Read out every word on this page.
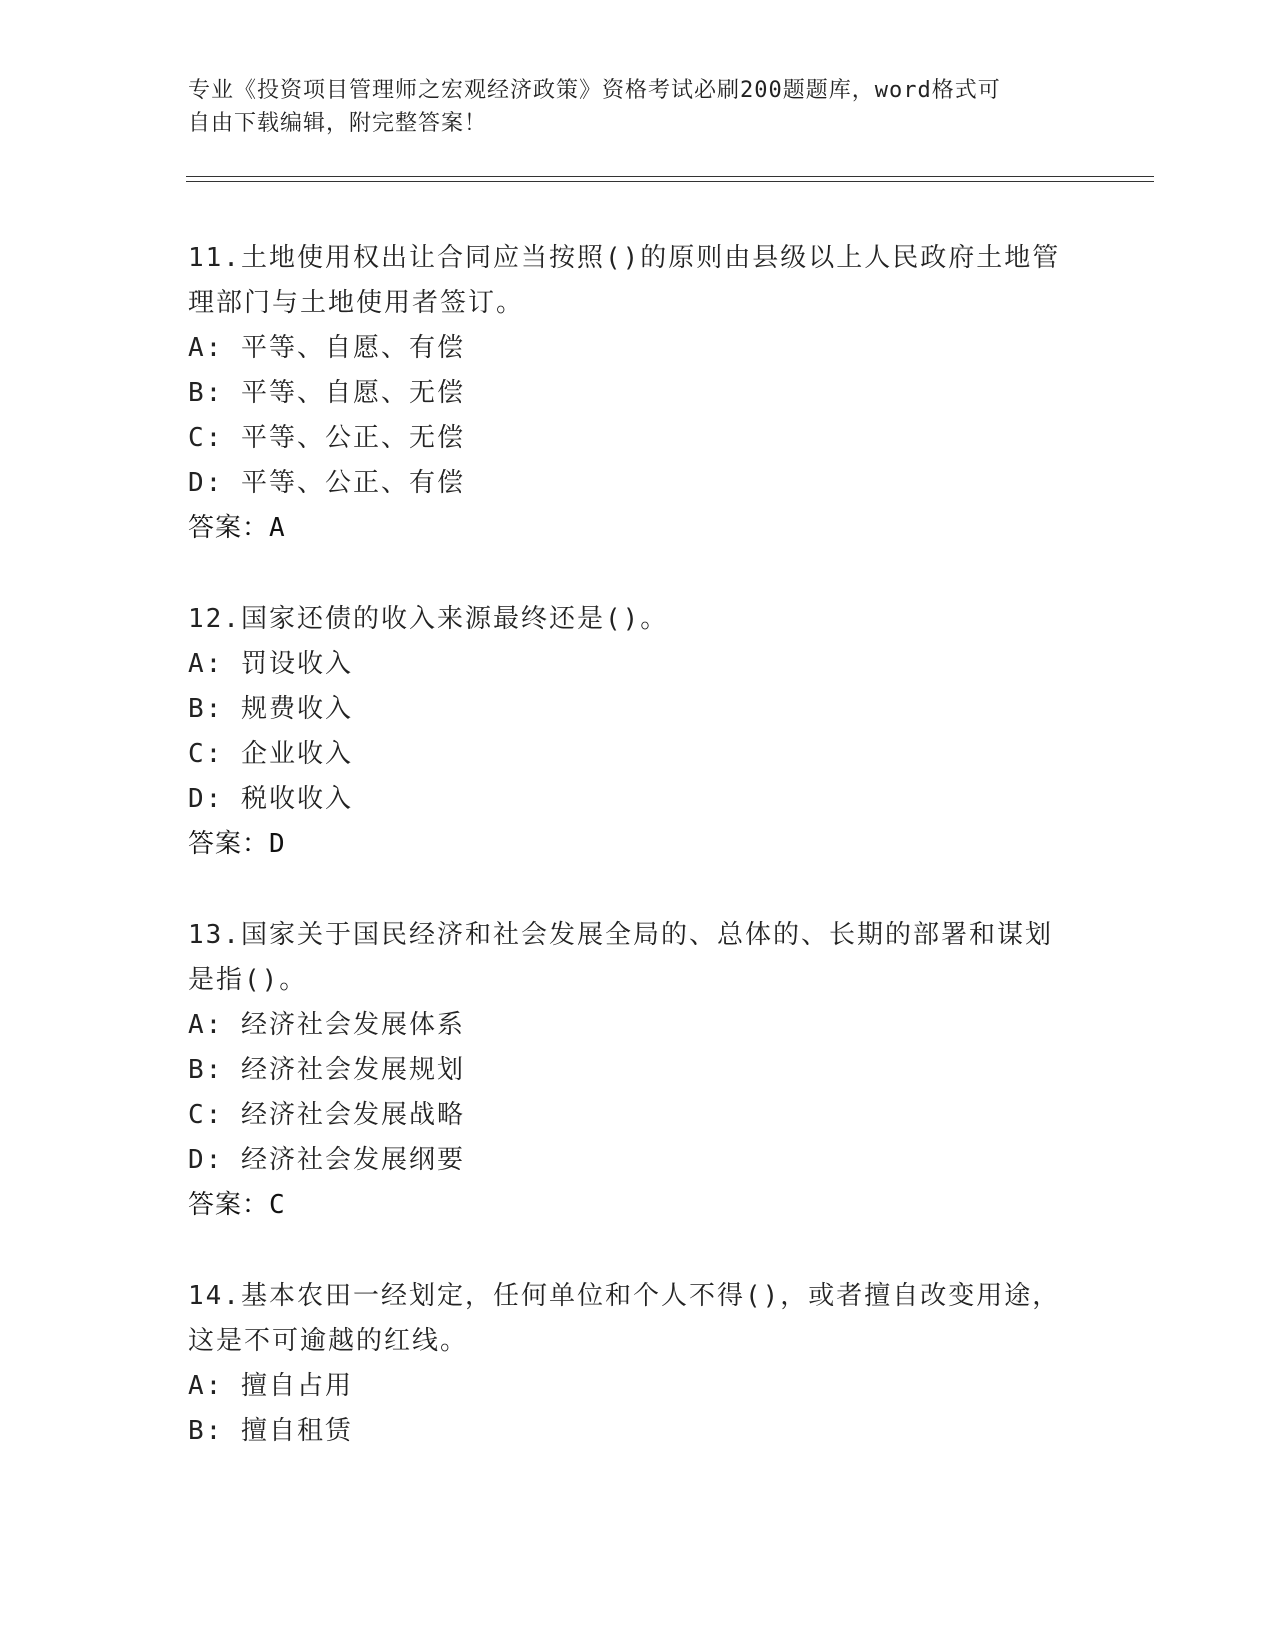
专业《投资项目管理师之宏观经济政策》资格考试必刷200题题库，word格式可
自由下载编辑，附完整答案！

11.土地使用权出让合同应当按照()的原则由县级以上人民政府土地管
理部门与土地使用者签订。

A: 平等、自愿、有偿

B: 平等、自愿、无偿

C: 平等、公正、无偿

D: 平等、公正、有偿

答案：A

12.国家还债的收入来源最终还是()。

A: 罚设收入

B: 规费收入

C: 企业收入

D: 税收收入

答案：D

13.国家关于国民经济和社会发展全局的、总体的、长期的部署和谋划
是指()。

A: 经济社会发展体系

B: 经济社会发展规划

C: 经济社会发展战略

D: 经济社会发展纲要

答案：C

14.基本农田一经划定，任何单位和个人不得()，或者擅自改变用途，
这是不可逾越的红线。

A: 擅自占用

B: 擅自租赁
